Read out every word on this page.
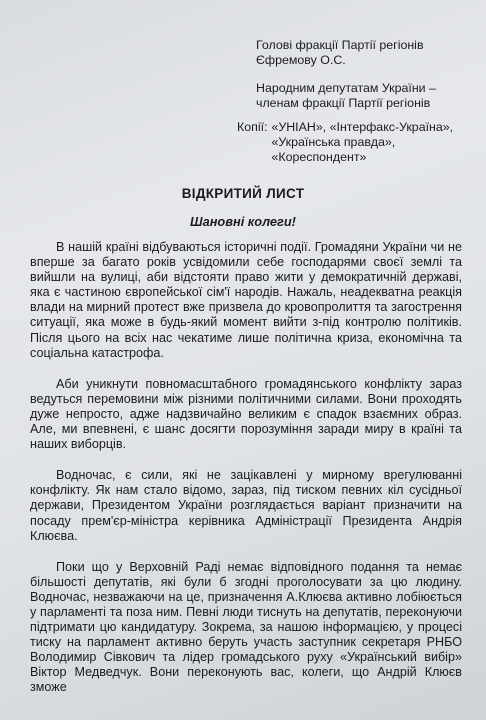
Голові фракції Партії регіонів
Єфремову О.С.

Народним депутатам України –
членам фракції Партії регіонів

Копії: «УНІАН», «Інтерфакс-Україна»,
«Українська правда»,
«Кореспондент»
ВІДКРИТИЙ ЛИСТ

Шановні колеги!

В нашій країні відбуваються історичні події. Громадяни України чи не вперше за багато років усвідомили себе господарями своєї землі та вийшли на вулиці, аби відстояти право жити у демократичній державі, яка є частиною європейської сім'ї народів. Нажаль, неадекватна реакція влади на мирний протест вже призвела до кровопролиття та загострення ситуації, яка може в будь-який момент вийти з-під контролю політиків. Після цього на всіх нас чекатиме лише політична криза, економічна та соціальна катастрофа.

Аби уникнути повномасштабного громадянського конфлікту зараз ведуться перемовини між різними політичними силами. Вони проходять дуже непросто, адже надзвичайно великим є спадок взаємних образ. Але, ми впевнені, є шанс досягти порозуміння заради миру в країні та наших виборців.

Водночас, є сили, які не зацікавлені у мирному врегулюванні конфлікту. Як нам стало відомо, зараз, під тиском певних кіл сусідньої держави, Президентом України розглядається варіант призначити на посаду прем'єр-міністра керівника Адміністрації Президента Андрія Клюєва.

Поки що у Верховній Раді немає відповідного подання та немає більшості депутатів, які були б згодні проголосувати за цю людину. Водночас, незважаючи на це, призначення А.Клюєва активно лобіюється у парламенті та поза ним. Певні люди тиснуть на депутатів, переконуючи підтримати цю кандидатуру. Зокрема, за нашою інформацією, у процесі тиску на парламент активно беруть участь заступник секретаря РНБО Володимир Сівкович та лідер громадського руху «Український вибір» Віктор Медведчук. Вони переконують вас, колеги, що Андрій Клюєв зможе
